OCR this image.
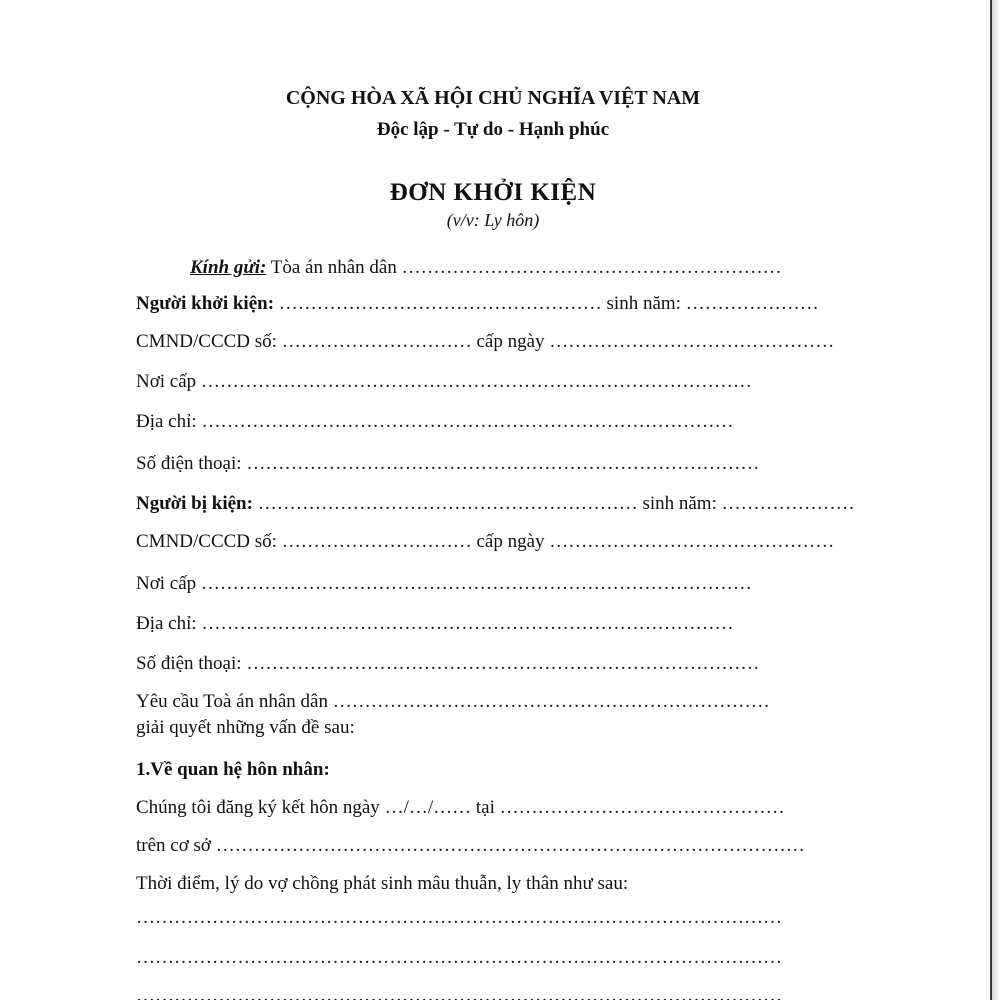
CỘNG HÒA XÃ HỘI CHỦ NGHĨA VIỆT NAM
Độc lập - Tự do - Hạnh phúc
ĐƠN KHỞI KIỆN
(v/v: Ly hôn)
Kính gửi: Tòa án nhân dân ……………………………………………………
Người khởi kiện: …………………………………………… sinh năm: …………………
CMND/CCCD số: ………………………… cấp ngày ………………………………………
Nơi cấp ……………………………………………………………………………
Địa chỉ: …………………………………………………………………………
Số điện thoại: ………………………………………………………………………
Người bị kiện: …………………………………………………… sinh năm: …………………
CMND/CCCD số: ………………………… cấp ngày ………………………………………
Nơi cấp ……………………………………………………………………………
Địa chỉ: …………………………………………………………………………
Số điện thoại: ………………………………………………………………………
Yêu cầu Toà án nhân dân ……………………………………………………………
giải quyết những vấn đề sau:
1.Về quan hệ hôn nhân:
Chúng tôi đăng ký kết hôn ngày …/…/…… tại ………………………………………
trên cơ sở …………………………………………………………………………………
Thời điểm, lý do vợ chồng phát sinh mâu thuẫn, ly thân như sau:
…………………………………………………………………………………………
…………………………………………………………………………………………
…………………………………………………………………………………………
